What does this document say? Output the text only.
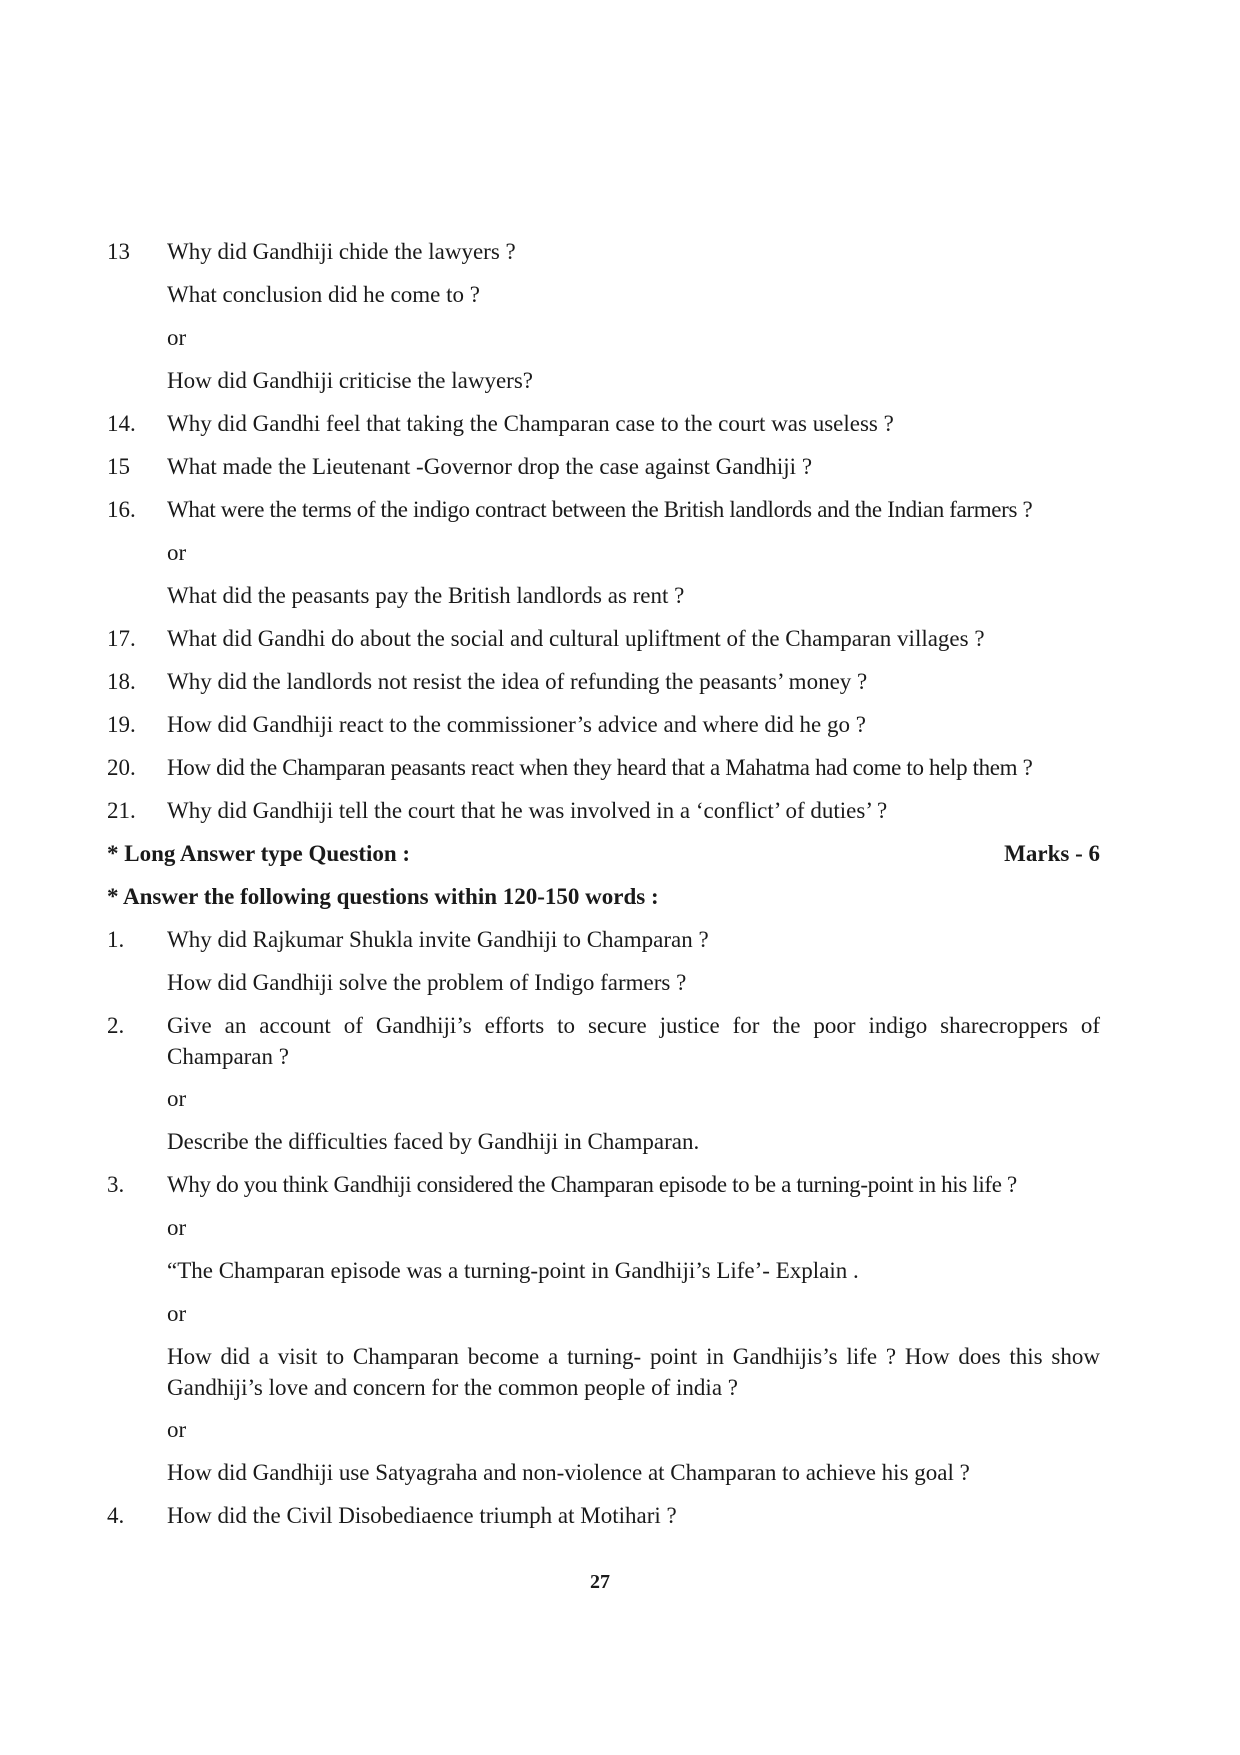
13 Why did Gandhiji chide the lawyers ?
What conclusion did he come to ?
or
How did Gandhiji criticise the lawyers?
14. Why did Gandhi feel that taking the Champaran case to the court was useless ?
15 What made the Lieutenant -Governor drop the case against Gandhiji ?
16. What were the terms of the indigo contract between the British landlords and the Indian farmers ?
or
What did the peasants pay the British landlords as rent ?
17. What did Gandhi do about the social and cultural upliftment of the Champaran villages ?
18. Why did the landlords not resist the idea of refunding the peasants’ money ?
19. How did Gandhiji react to the commissioner’s advice and where did he go ?
20. How did the Champaran peasants react when they heard that a Mahatma had come to help them ?
21. Why did Gandhiji tell the court that he was involved in a ‘conflict’ of duties’ ?
* Long Answer type Question :	Marks - 6
* Answer the following questions within 120-150 words :
1. Why did Rajkumar Shukla invite Gandhiji to Champaran ?
How did Gandhiji solve the problem of Indigo farmers ?
2. Give an account of Gandhiji’s efforts to secure justice for the poor indigo sharecroppers of Champaran ?
or
Describe the difficulties faced by Gandhiji in Champaran.
3. Why do you think Gandhiji considered the Champaran episode to be a turning-point in his life ?
or
“The Champaran episode was a turning-point in Gandhiji’s Life’- Explain .
or
How did a visit to Champaran become a turning- point in Gandhijis’s life ? How does this show Gandhiji’s love and concern for the common people of india ?
or
How did Gandhiji use Satyagraha and non-violence at Champaran to achieve his goal ?
4. How did the Civil Disobediaence triumph at Motihari ?
27
